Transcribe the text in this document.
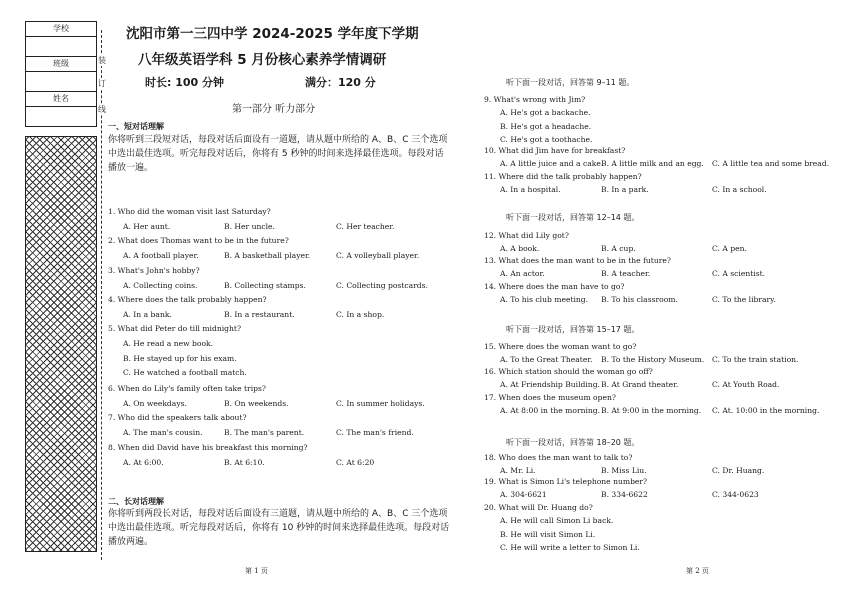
学校
班级
姓名
装
订
线
沈阳市第一三四中学 2024-2025 学年度下学期
八年级英语学科 5 月份核心素养学情调研
时长: 100 分钟	满分：120 分
第一部分 听力部分
一、短对话理解
你将听到三段短对话，每段对话后面设有一道题，请从题中所给的 A、B、C 三个选项中选出最佳选项。听完每段对话后，你将有 5 秒钟的时间来选择最佳选项。每段对话播放一遍。
1. Who did the woman visit last Saturday?
A. Her aunt.	B. Her uncle.	C. Her teacher.
2. What does Thomas want to be in the future?
A. A football player.	B. A basketball player.	C. A volleyball player.
3. What's John's hobby?
A. Collecting coins.	B. Collecting stamps.	C. Collecting postcards.
4. Where does the talk probably happen?
A. In a bank.	B. In a restaurant.	C. In a shop.
5. What did Peter do till midnight?
A. He read a new book.
B. He stayed up for his exam.
C. He watched a football match.
6. When do Lily's family often take trips?
A. On weekdays.	B. On weekends.	C. In summer holidays.
7. Who did the speakers talk about?
A. The man's cousin.	B. The man's parent.	C. The man's friend.
8. When did David have his breakfast this morning?
A. At 6:00.	B. At 6:10.	C. At 6:20
二、长对话理解
你将听到两段长对话，每段对话后面设有三道题，请从题中所给的 A、B、C 三个选项中选出最佳选项。听完每段对话后，你将有 10 秒钟的时间来选择最佳选项。每段对话播放两遍。
听下面一段对话，回答第 9–11 题。
9. What's wrong with Jim?
A. He's got a backache.
B. He's got a headache.
C. He's got a toothache.
10. What did Jim have for breakfast?
A. A little juice and a cake.
B. A little milk and an egg. C. A little tea and some bread.
11. Where did the talk probably happen?
A. In a hospital.	B. In a park.	C. In a school.
听下面一段对话，回答第 12–14 题。
12. What did Lily got?
A. A book.	B. A cup.	C. A pen.
13. What does the man want to be in the future?
A. An actor.	B. A teacher.	C. A scientist.
14. Where does the man have to go?
A. To his club meeting. B. To his classroom.	C. To the library.
听下面一段对话，回答第 15–17 题。
15. Where does the woman want to go?
A. To the Great Theater. B. To the History Museum. C. To the train station.
16. Which station should the woman go off?
A. At Friendship Building. B. At Grand theater.	C. At Youth Road.
17. When does the museum open?
A. At 8:00 in the morning. B. At 9:00 in the morning. C. At. 10:00 in the morning.
听下面一段对话，回答第 18–20 题。
18. Who does the man want to talk to?
A. Mr. Li.	B. Miss Liu.	C. Dr. Huang.
19. What is Simon Li's telephone number?
A. 304-6621	B. 334-6622	C. 344-0623
20. What will Dr. Huang do?
A. He will call Simon Li back.
B. He will visit Simon Li.
C. He will write a letter to Simon Li.
第 1 页	第 2 页
